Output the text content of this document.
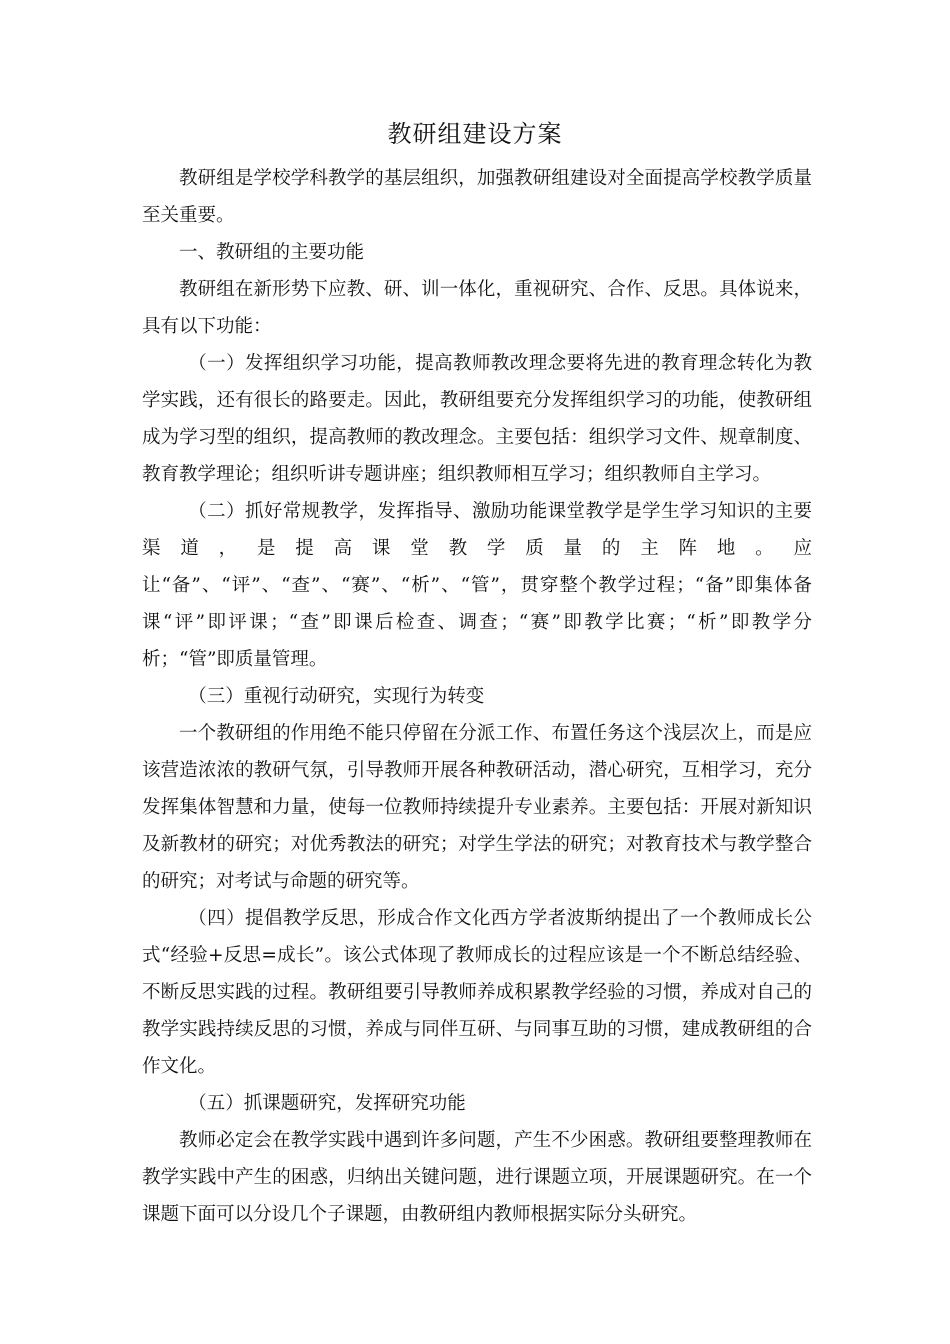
教研组建设方案

教研组是学校学科教学的基层组织，加强教研组建设对全面提高学校教学质量至关重要。

一、教研组的主要功能

教研组在新形势下应教、研、训一体化，重视研究、合作、反思。具体说来，具有以下功能：

（一）发挥组织学习功能，提高教师教改理念要将先进的教育理念转化为教学实践，还有很长的路要走。因此，教研组要充分发挥组织学习的功能，使教研组成为学习型的组织，提高教师的教改理念。主要包括：组织学习文件、规章制度、教育教学理论；组织听讲专题讲座；组织教师相互学习；组织教师自主学习。

（二）抓好常规教学，发挥指导、激励功能课堂教学是学生学习知识的主要渠道，是提高课堂教学质量的主阵地。应让“备”、“评”、“查”、“赛”、“析”、“管”，贯穿整个教学过程；“备”即集体备课“评”即评课；“查”即课后检查、调查；“赛”即教学比赛；“析”即教学分析；“管”即质量管理。

（三）重视行动研究，实现行为转变

一个教研组的作用绝不能只停留在分派工作、布置任务这个浅层次上，而是应该营造浓浓的教研气氛，引导教师开展各种教研活动，潜心研究，互相学习，充分发挥集体智慧和力量，使每一位教师持续提升专业素养。主要包括：开展对新知识及新教材的研究；对优秀教法的研究；对学生学法的研究；对教育技术与教学整合的研究；对考试与命题的研究等。

（四）提倡教学反思，形成合作文化西方学者波斯纳提出了一个教师成长公式“经验+反思=成长”。该公式体现了教师成长的过程应该是一个不断总结经验、不断反思实践的过程。教研组要引导教师养成积累教学经验的习惯，养成对自己的教学实践持续反思的习惯，养成与同伴互研、与同事互助的习惯，建成教研组的合作文化。

（五）抓课题研究，发挥研究功能

教师必定会在教学实践中遇到许多问题，产生不少困惑。教研组要整理教师在教学实践中产生的困惑，归纳出关键问题，进行课题立项，开展课题研究。在一个课题下面可以分设几个子课题，由教研组内教师根据实际分头研究。
